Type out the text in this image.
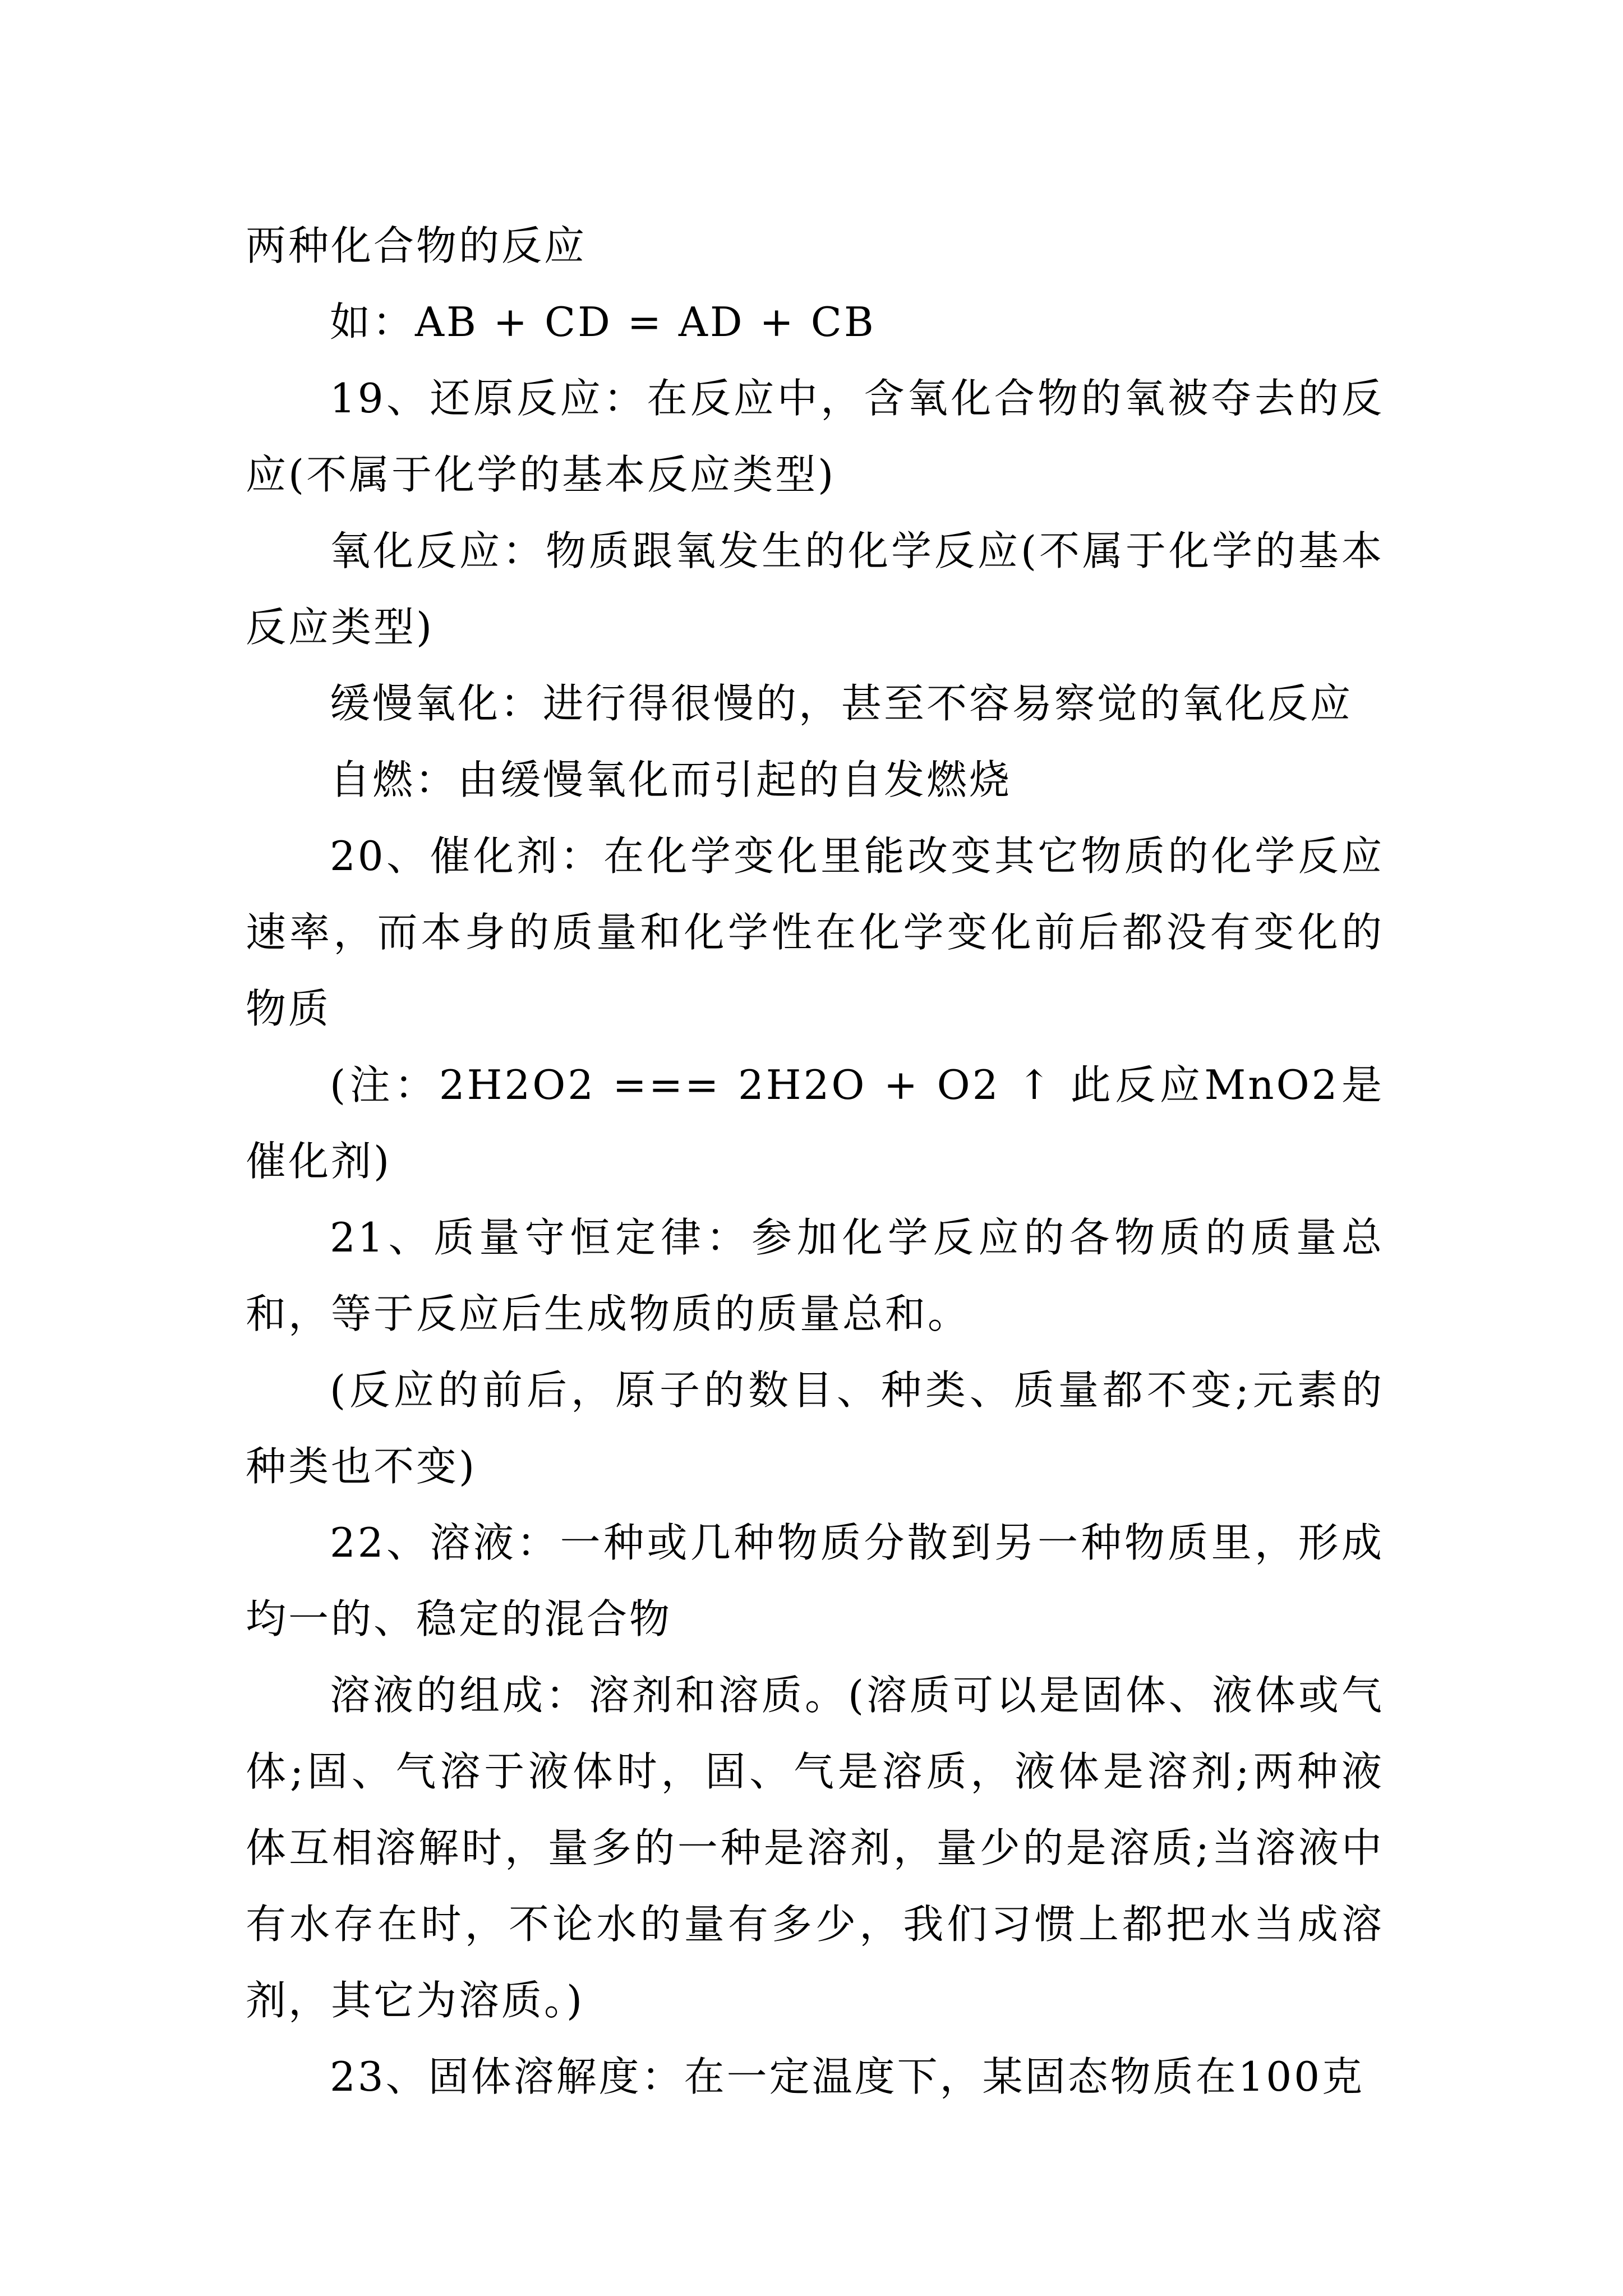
两种化合物的反应

如：AB + CD = AD + CB

19、还原反应：在反应中，含氧化合物的氧被夺去的反应(不属于化学的基本反应类型)

氧化反应：物质跟氧发生的化学反应(不属于化学的基本反应类型)

缓慢氧化：进行得很慢的，甚至不容易察觉的氧化反应

自燃：由缓慢氧化而引起的自发燃烧

20、催化剂：在化学变化里能改变其它物质的化学反应速率，而本身的质量和化学性在化学变化前后都没有变化的物质

(注：2H2O2 === 2H2O + O2 ↑ 此反应MnO2是催化剂)

21、质量守恒定律：参加化学反应的各物质的质量总和，等于反应后生成物质的质量总和。

(反应的前后，原子的数目、种类、质量都不变;元素的种类也不变)

22、溶液：一种或几种物质分散到另一种物质里，形成均一的、稳定的混合物

溶液的组成：溶剂和溶质。(溶质可以是固体、液体或气体;固、气溶于液体时，固、气是溶质，液体是溶剂;两种液体互相溶解时，量多的一种是溶剂，量少的是溶质;当溶液中有水存在时，不论水的量有多少，我们习惯上都把水当成溶剂，其它为溶质。)

23、固体溶解度：在一定温度下，某固态物质在100克
